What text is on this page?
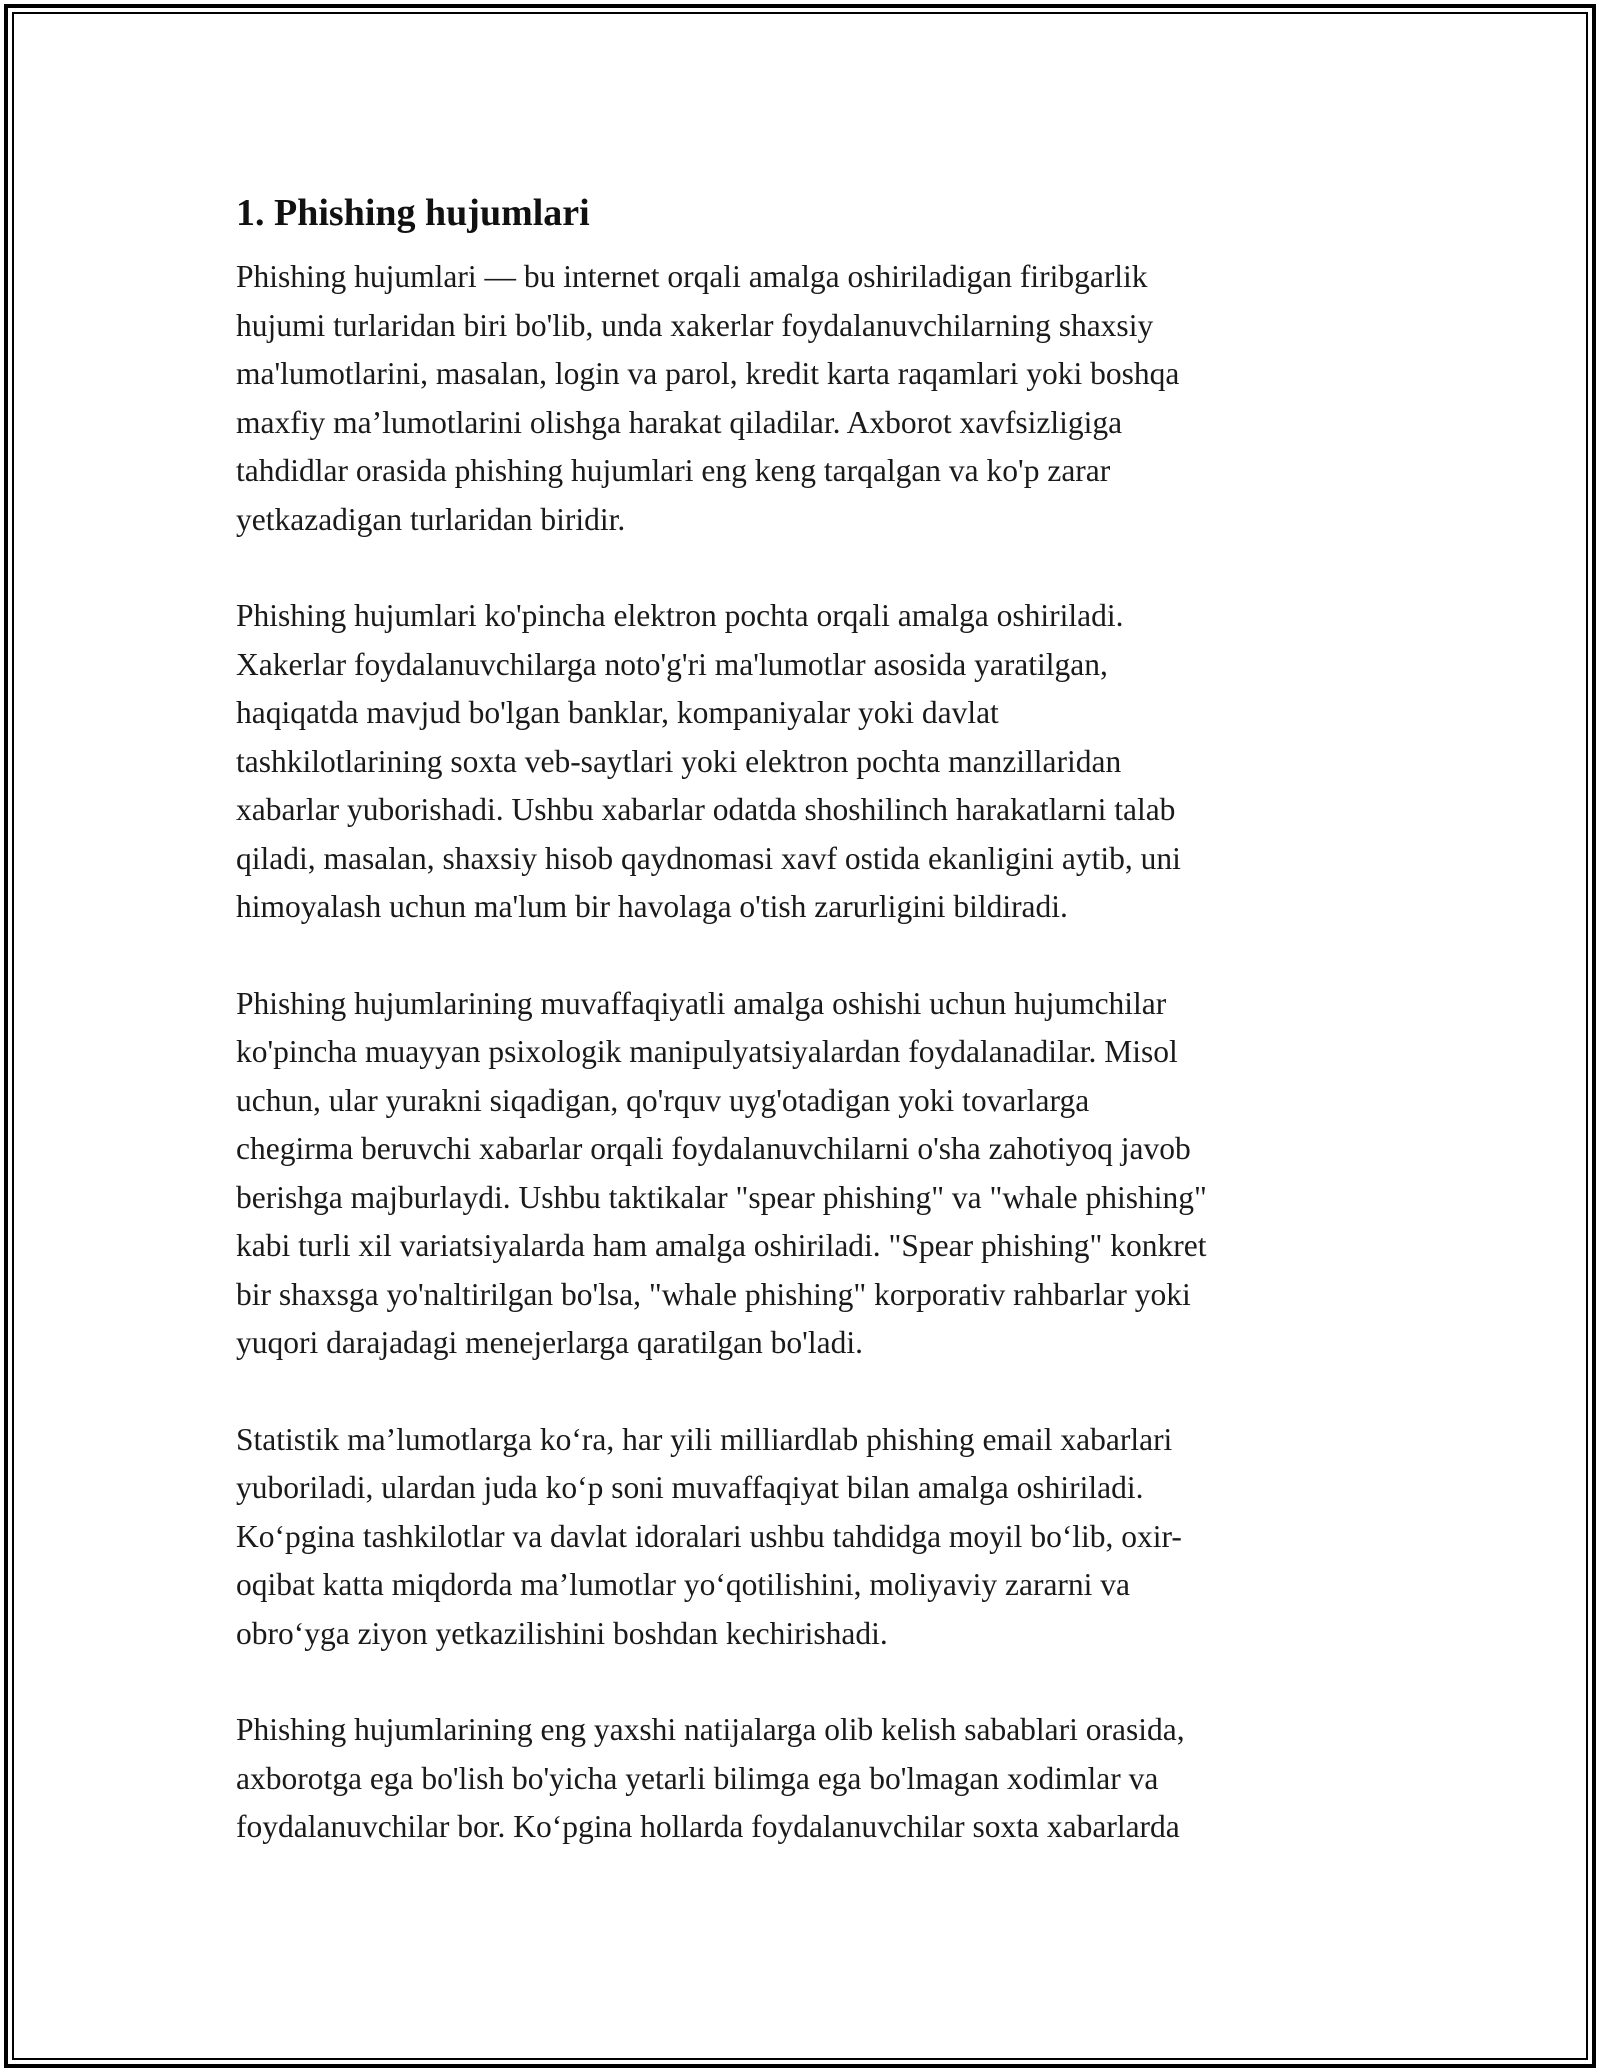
1. Phishing hujumlari

Phishing hujumlari — bu internet orqali amalga oshiriladigan firibgarlik
hujumi turlaridan biri bo'lib, unda xakerlar foydalanuvchilarning shaxsiy
ma'lumotlarini, masalan, login va parol, kredit karta raqamlari yoki boshqa
maxfiy ma’lumotlarini olishga harakat qiladilar. Axborot xavfsizligiga
tahdidlar orasida phishing hujumlari eng keng tarqalgan va ko'p zarar
yetkazadigan turlaridan biridir.

Phishing hujumlari ko'pincha elektron pochta orqali amalga oshiriladi.
Xakerlar foydalanuvchilarga noto'g'ri ma'lumotlar asosida yaratilgan,
haqiqatda mavjud bo'lgan banklar, kompaniyalar yoki davlat
tashkilotlarining soxta veb-saytlari yoki elektron pochta manzillaridan
xabarlar yuborishadi. Ushbu xabarlar odatda shoshilinch harakatlarni talab
qiladi, masalan, shaxsiy hisob qaydnomasi xavf ostida ekanligini aytib, uni
himoyalash uchun ma'lum bir havolaga o'tish zarurligini bildiradi.

Phishing hujumlarining muvaffaqiyatli amalga oshishi uchun hujumchilar
ko'pincha muayyan psixologik manipulyatsiyalardan foydalanadilar. Misol
uchun, ular yurakni siqadigan, qo'rquv uyg'otadigan yoki tovarlarga
chegirma beruvchi xabarlar orqali foydalanuvchilarni o'sha zahotiyoq javob
berishga majburlaydi. Ushbu taktikalar "spear phishing" va "whale phishing"
kabi turli xil variatsiyalarda ham amalga oshiriladi. "Spear phishing" konkret
bir shaxsga yo'naltirilgan bo'lsa, "whale phishing" korporativ rahbarlar yoki
yuqori darajadagi menejerlarga qaratilgan bo'ladi.

Statistik ma’lumotlarga ko‘ra, har yili milliardlab phishing email xabarlari
yuboriladi, ulardan juda ko‘p soni muvaffaqiyat bilan amalga oshiriladi.
Ko‘pgina tashkilotlar va davlat idoralari ushbu tahdidga moyil bo‘lib, oxir-
oqibat katta miqdorda ma’lumotlar yo‘qotilishini, moliyaviy zararni va
obro‘yga ziyon yetkazilishini boshdan kechirishadi.

Phishing hujumlarining eng yaxshi natijalarga olib kelish sabablari orasida,
axborotga ega bo'lish bo'yicha yetarli bilimga ega bo'lmagan xodimlar va
foydalanuvchilar bor. Ko‘pgina hollarda foydalanuvchilar soxta xabarlarda
